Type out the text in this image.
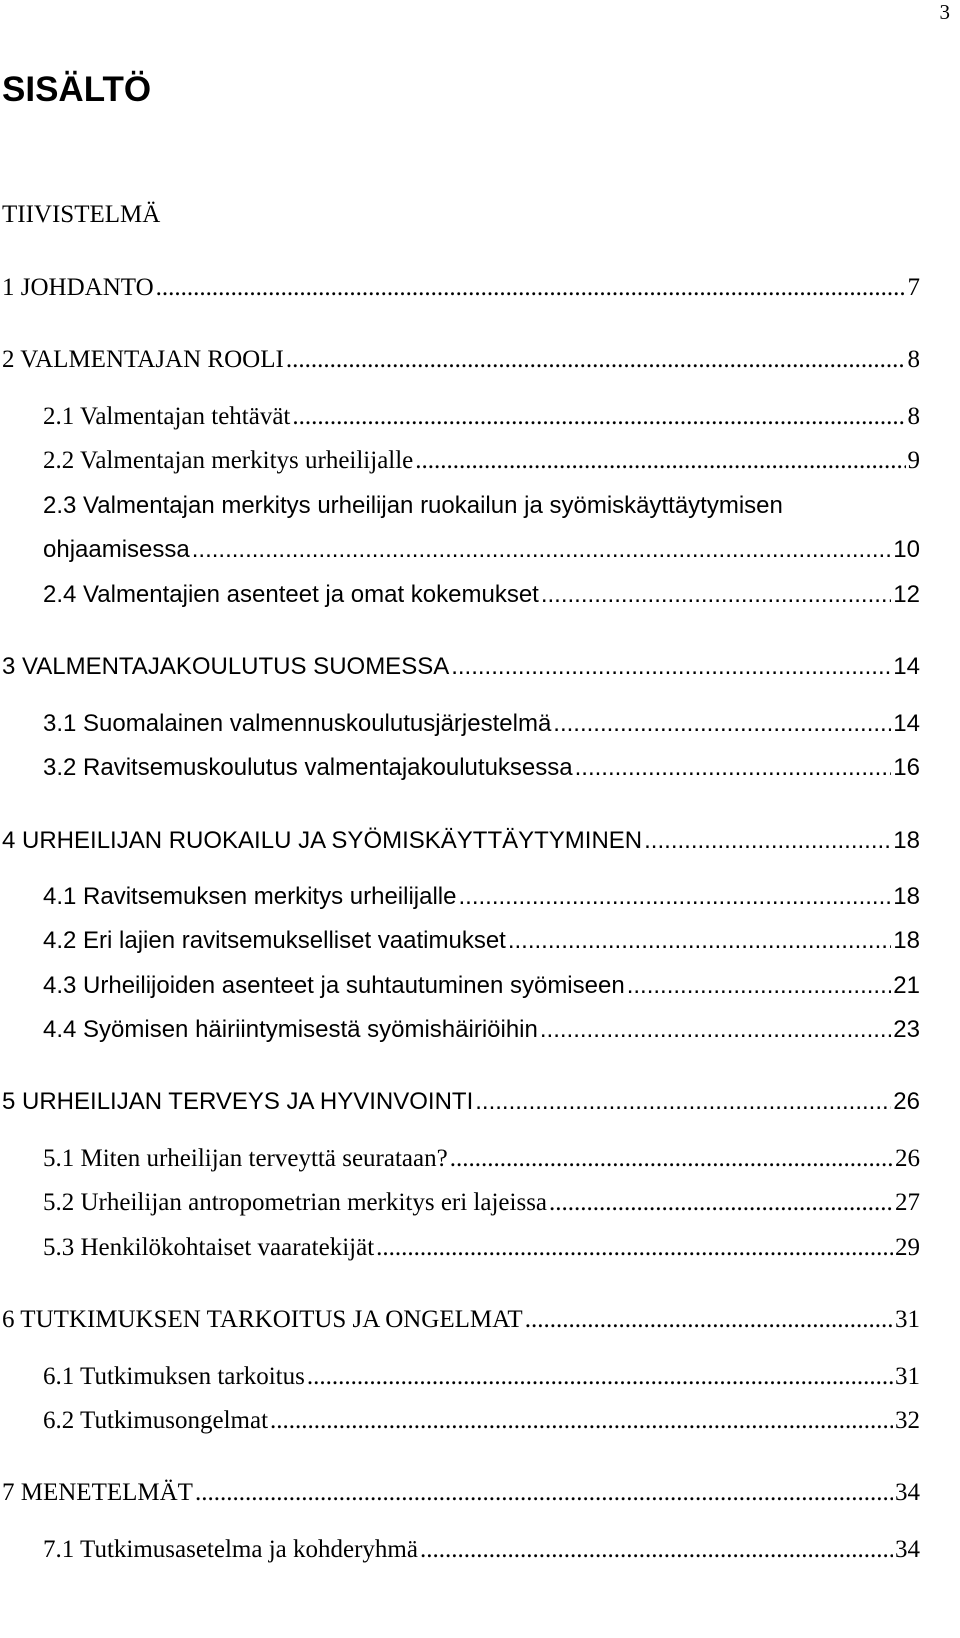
3
SISÄLTÖ
TIIVISTELMÄ
1 JOHDANTO .....	7
2 VALMENTAJAN ROOLI .....	8
2.1 Valmentajan tehtävät .....	8
2.2 Valmentajan merkitys urheilijalle .....	9
2.3 Valmentajan merkitys urheilijan ruokailun ja syömiskäyttäytymisen
ohjaamisessa .....	10
2.4 Valmentajien asenteet ja omat kokemukset .....	12
3 VALMENTAJAKOULUTUS SUOMESSA .....	14
3.1 Suomalainen valmennuskoulutusjärjestelmä .....	14
3.2 Ravitsemuskoulutus valmentajakoulutuksessa .....	16
4 URHEILIJAN RUOKAILU JA SYÖMISKÄYTTÄYTYMINEN .....	18
4.1 Ravitsemuksen merkitys urheilijalle .....	18
4.2 Eri lajien ravitsemukselliset vaatimukset .....	18
4.3 Urheilijoiden asenteet ja suhtautuminen syömiseen .....	21
4.4 Syömisen häiriintymisestä syömishäiriöihin .....	23
5 URHEILIJAN TERVEYS JA HYVINVOINTI .....	26
5.1 Miten urheilijan terveyttä seurataan? .....	26
5.2 Urheilijan antropometrian merkitys eri lajeissa .....	27
5.3 Henkilökohtaiset vaaratekijät .....	29
6 TUTKIMUKSEN TARKOITUS JA ONGELMAT .....	31
6.1 Tutkimuksen tarkoitus .....	31
6.2 Tutkimusongelmat .....	32
7 MENETELMÄT .....	34
7.1 Tutkimusasetelma ja kohderyhmä .....	34
